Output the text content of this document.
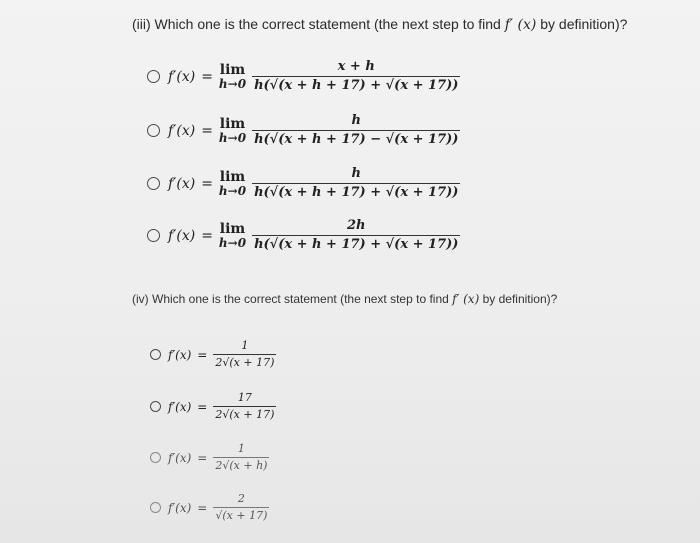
(iii) Which one is the correct statement (the next step to find f′ (x) by definition)?
f′(x) = lim
$h\to 0 \frac{x + h}{h(√(x + h + 17) + √(x + 17))}$
f′(x) = lim
$h\to 0 \frac{h}{h(√(x + h + 17) - √(x + 17))}$
f′(x) = lim
$h\to 0 \frac{h}{h(√(x + h + 17) + √(x + 17))}$
f′(x) = lim
$h\to 0 \frac{2h}{h(√(x + h + 17) + √(x + 17))}$
(iv) Which one is the correct statement (the next step to find f′ (x) by definition)?
$f'(x) = \frac{1}{2√(x + 17)}$
$f'(x) = \frac{17}{2√(x + 17)}$
$f'(x) = \frac{1}{2√(x + h)}$
$f'(x) = \frac{2}{√(x + 17)}$
